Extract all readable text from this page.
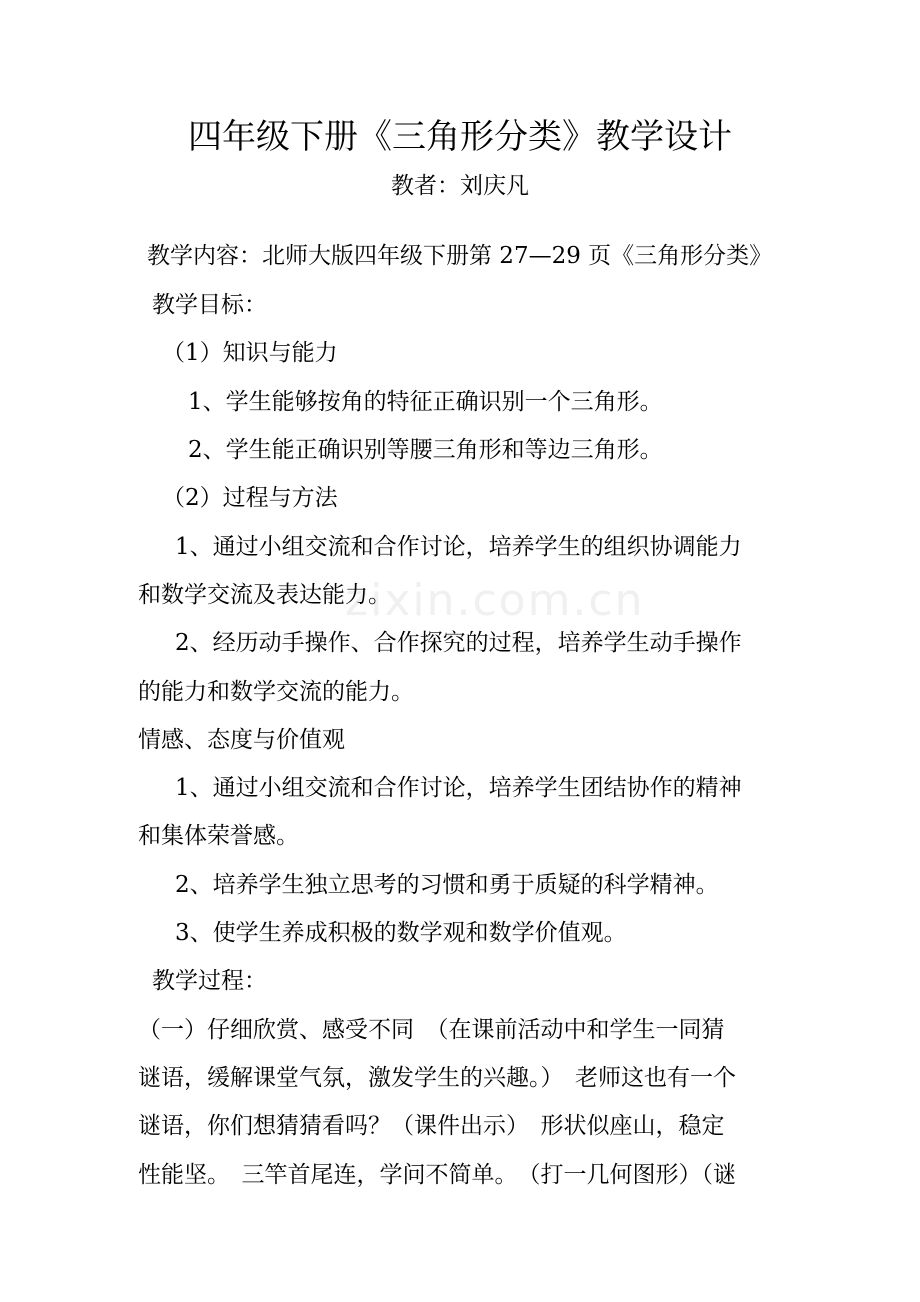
zixin.com.cn
四年级下册《三角形分类》教学设计
教者：刘庆凡
教学内容：北师大版四年级下册第 27—29 页《三角形分类》
教学目标：
（1）知识与能力
1、学生能够按角的特征正确识别一个三角形。
2、学生能正确识别等腰三角形和等边三角形。
（2）过程与方法
1、通过小组交流和合作讨论，培养学生的组织协调能力
和数学交流及表达能力。
2、经历动手操作、合作探究的过程，培养学生动手操作
的能力和数学交流的能力。
情感、态度与价值观
1、通过小组交流和合作讨论，培养学生团结协作的精神
和集体荣誉感。
2、培养学生独立思考的习惯和勇于质疑的科学精神。
3、使学生养成积极的数学观和数学价值观。
教学过程：
（一）仔细欣赏、感受不同　（在课前活动中和学生一同猜
谜语，缓解课堂气氛，激发学生的兴趣。）　老师这也有一个
谜语，你们想猜猜看吗？（课件出示）　形状似座山，稳定
性能坚。　三竿首尾连，学问不简单。　（打一几何图形）（谜
